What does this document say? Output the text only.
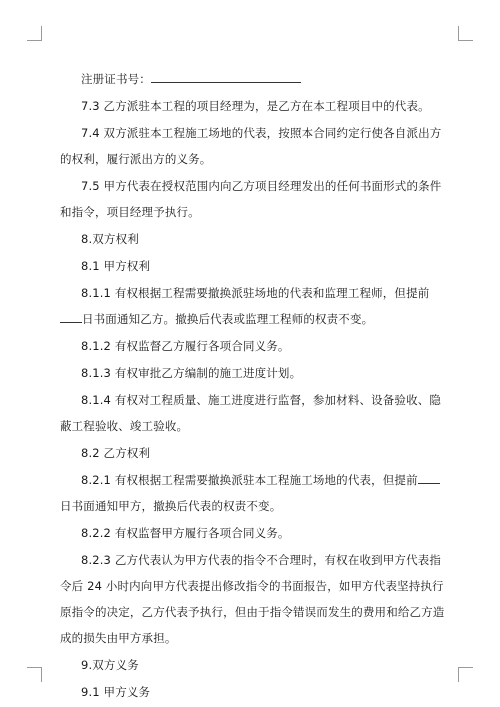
注册证书号：

7.3 乙方派驻本工程的项目经理为，是乙方在本工程项目中的代表。

7.4 双方派驻本工程施工场地的代表，按照本合同约定行使各自派出方的权利，履行派出方的义务。

7.5 甲方代表在授权范围内向乙方项目经理发出的任何书面形式的条件和指令，项目经理予执行。

8.双方权利

8.1 甲方权利

8.1.1 有权根据工程需要撤换派驻场地的代表和监理工程师，但提前日书面通知乙方。撤换后代表或监理工程师的权责不变。

8.1.2 有权监督乙方履行各项合同义务。

8.1.3 有权审批乙方编制的施工进度计划。

8.1.4 有权对工程质量、施工进度进行监督，参加材料、设备验收、隐蔽工程验收、竣工验收。

8.2 乙方权利

8.2.1 有权根据工程需要撤换派驻本工程施工场地的代表，但提前日书面通知甲方，撤换后代表的权责不变。

8.2.2 有权监督甲方履行各项合同义务。

8.2.3 乙方代表认为甲方代表的指令不合理时，有权在收到甲方代表指令后 24 小时内向甲方代表提出修改指令的书面报告，如甲方代表坚持执行原指令的决定，乙方代表予执行，但由于指令错误而发生的费用和给乙方造成的损失由甲方承担。

9.双方义务

9.1 甲方义务
